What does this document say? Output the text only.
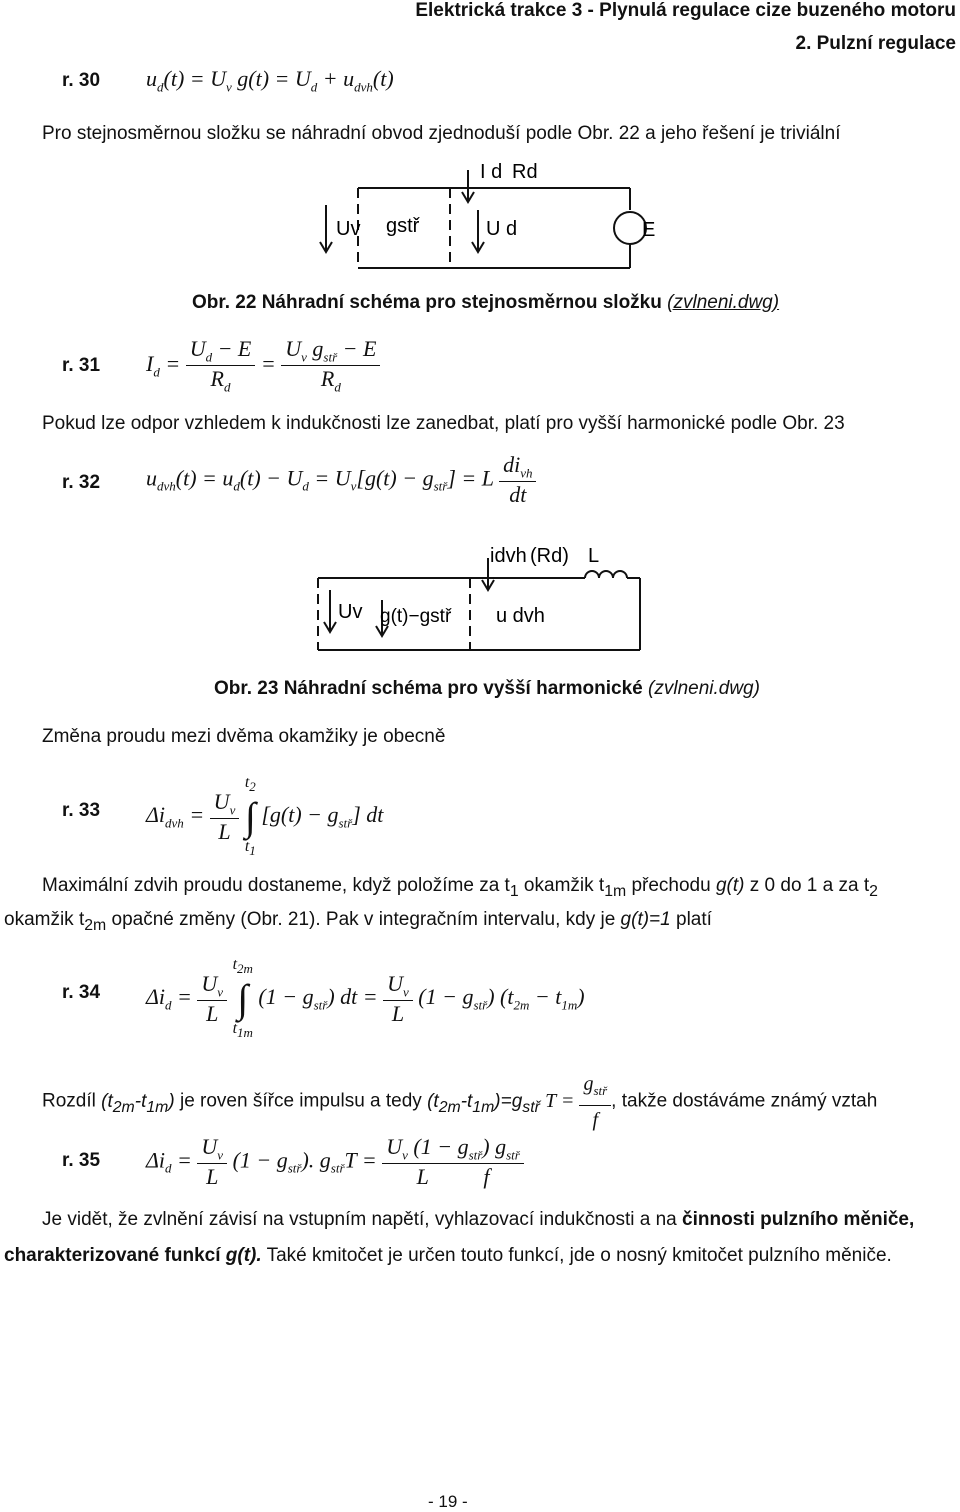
Elektrická trakce 3 - Plynulá regulace cize buzeného motoru
2. Pulzní regulace
r. 30 $u_d(t) = U_v$ $g(t) = U_d + u_{dvh}(t)$
Pro stejnosměrnou složku se náhradní obvod zjednoduší podle Obr. 22 a jeho řešení je triviální
I d Rd
Uv gstř	U d	E
Obr. 22 Náhradní schéma pro stejnosměrnou složku (zvlneni.dwg)
r. 31 $I_d = \frac{U_d - E}{R_d} = \frac{U_v g_{stř} - E}{R_d}$
Pokud lze odpor vzhledem k indukčnosti lze zanedbat, platí pro vyšší harmonické podle Obr. 23
r. 32 $u_{dvh}(t) = u_d(t) - U_d = U_v[g(t) - g_{stř}] = L \frac{di_{vh}}{dt}$
idvh (Rd) L
Uv g(t)−gstř u dvh
Obr. 23 Náhradní schéma pro vyšší harmonické (zvlneni.dwg)
Změna proudu mezi dvěma okamžiky je obecně
r. 33 $\Delta i_{dvh} = \frac{U_v}{L}$

$t_2$
∫
$t_1$
$[g(t) - g_{stř}]$ dt
Maximální zdvih proudu dostaneme, když položíme za $t_1$ okamžik $t_{1m}$ přechodu g(t) z 0 do 1 a za $t_2$
okamžik $t_{2m}$ opačné změny (Obr. 21). Pak v integračním intervalu, kdy je g(t)=1 platí
r. 34 $\Delta i_d = \frac{U_v}{L}$

$t_{2m}$
∫
$t_{1m}$
$(1 - g_{stř})$ dt = $\frac{U_v}{L} (1 - g_{stř}) (t_{2m} - t_{1m})$
Rozdíl $(t_{2m}-t_{1m})$ je roven šířce impulsu a tedy $(t_{2m}-t_{1m})=g_{stř}$ $T = \frac{g_{stř}}{f}$ , takže dostáváme známý vztah
r. 35 $\Delta i_d = \frac{U_v}{L} (1 - g_{stř})$. $g_{stř}T = \frac{U_v (1 - g_{stř}) g_{stř}}{\text{L          f}}$
Je vidět, že zvlnění závisí na vstupním napětí, vyhlazovací indukčnosti a na činnosti pulzního měniče,
charakterizované funkcí g(t). Také kmitočet je určen touto funkcí, jde o nosný kmitočet pulzního měniče.
- 19 -
